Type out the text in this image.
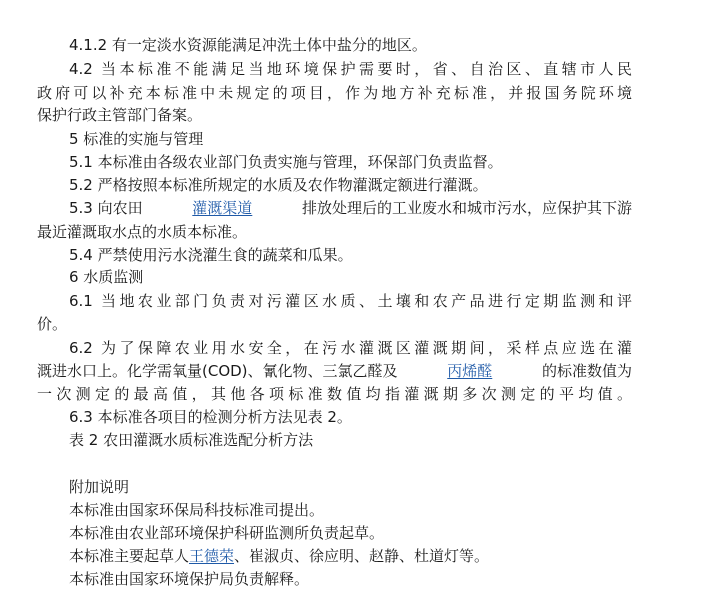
4.1.2 有一定淡水资源能满足冲洗土体中盐分的地区。
4.2 当本标准不能满足当地环境保护需要时，省、自治区、直辖市人民
政府可以补充本标准中未规定的项目，作为地方补充标准，并报国务院环境
保护行政主管部门备案。
5 标准的实施与管理
5.1 本标准由各级农业部门负责实施与管理，环保部门负责监督。
5.2 严格按照本标准所规定的水质及农作物灌溉定额进行灌溉。
5.3 向农田	灌溉渠道	排放处理后的工业废水和城市污水，应保护其下游
最近灌溉取水点的水质本标准。
5.4 严禁使用污水浇灌生食的蔬菜和瓜果。
6 水质监测
6.1 当地农业部门负责对污灌区水质、土壤和农产品进行定期监测和评
价。
6.2 为了保障农业用水安全，在污水灌溉区灌溉期间，采样点应选在灌
溉进水口上。化学需氧量(COD)、氰化物、三氯乙醛及	丙烯醛	的标准数值为
一次测定的最高值，其他各项标准数值均指灌溉期多次测定的平均值。
6.3 本标准各项目的检测分析方法见表 2。
表 2 农田灌溉水质标准选配分析方法
附加说明
本标准由国家环保局科技标准司提出。
本标准由农业部环境保护科研监测所负责起草。
本标准主要起草人王德荣、崔淑贞、徐应明、赵静、杜道灯等。
本标准由国家环境保护局负责解释。
